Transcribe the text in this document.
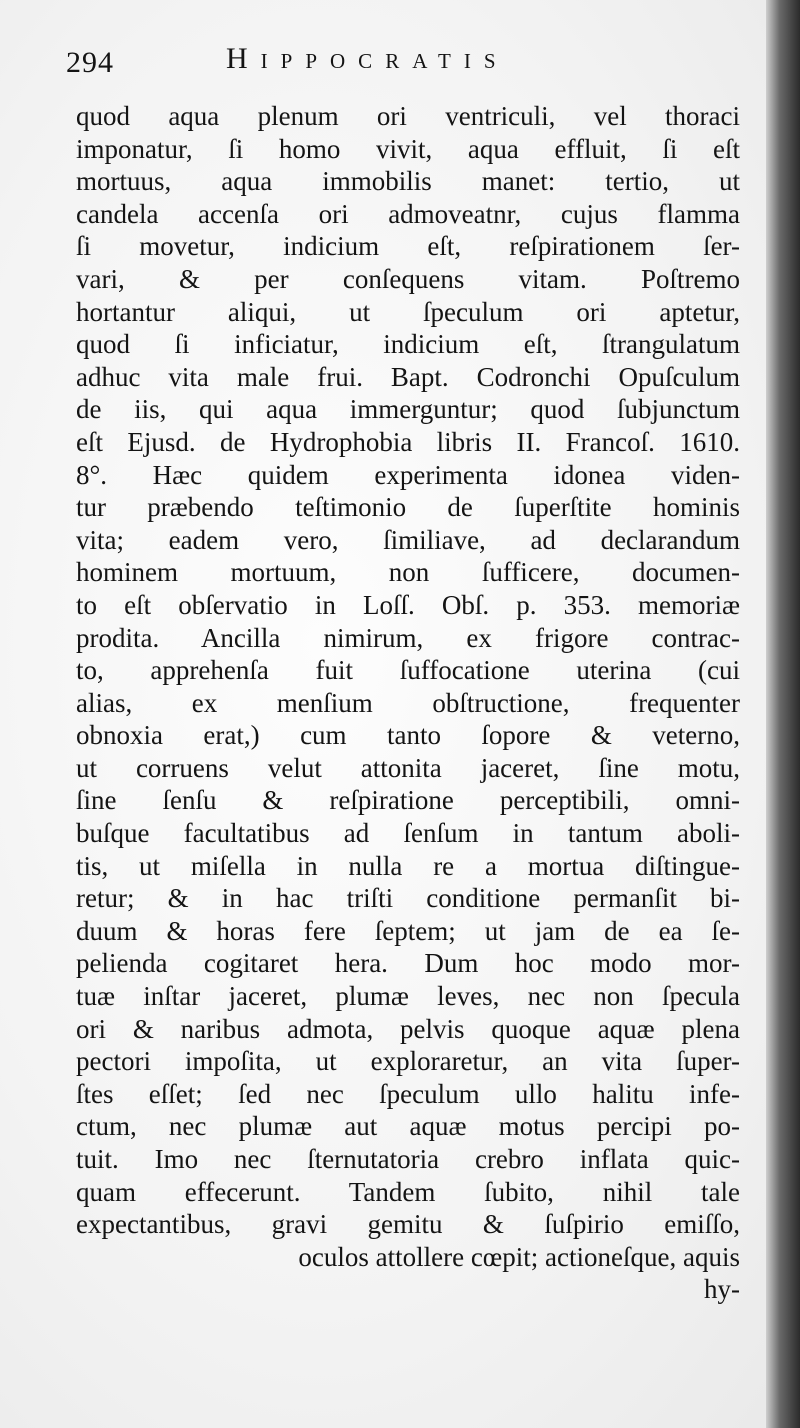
294	Hippocratis
quod aqua plenum ori ventriculi, vel thoraci
imponatur, ſi homo vivit, aqua effluit, ſi eſt
mortuus, aqua immobilis manet: tertio, ut
candela accenſa ori admoveatnr, cujus flamma
ſi movetur, indicium eſt, reſpirationem ſer-
vari, & per conſequens vitam. Poſtremo
hortantur aliqui, ut ſpeculum ori aptetur,
quod ſi inficiatur, indicium eſt, ſtrangulatum
adhuc vita male frui. Bapt. Codronchi Opuſculum
de iis, qui aqua immerguntur; quod ſubjunctum
eſt Ejusd. de Hydrophobia libris II. Francoſ. 1610.
8°. Hæc quidem experimenta idonea viden-
tur præbendo teſtimonio de ſuperſtite hominis
vita; eadem vero, ſimiliave, ad declarandum
hominem mortuum, non ſufficere, documen-
to eſt obſervatio in Loſſ. Obſ. p. 353. memoriæ
prodita. Ancilla nimirum, ex frigore contrac-
to, apprehenſa fuit ſuffocatione uterina (cui
alias, ex menſium obſtructione, frequenter
obnoxia erat,) cum tanto ſopore & veterno,
ut corruens velut attonita jaceret, ſine motu,
ſine ſenſu & reſpiratione perceptibili, omni-
buſque facultatibus ad ſenſum in tantum aboli-
tis, ut miſella in nulla re a mortua diſtingue-
retur; & in hac triſti conditione permanſit bi-
duum & horas fere ſeptem; ut jam de ea ſe-
pelienda cogitaret hera. Dum hoc modo mor-
tuæ inſtar jaceret, plumæ leves, nec non ſpecula
ori & naribus admota, pelvis quoque aquæ plena
pectori impoſita, ut exploraretur, an vita ſuper-
ſtes eſſet; ſed nec ſpeculum ullo halitu infe-
ctum, nec plumæ aut aquæ motus percipi po-
tuit. Imo nec ſternutatoria crebro inflata quic-
quam effecerunt. Tandem ſubito, nihil tale
expectantibus, gravi gemitu & ſuſpirio emiſſo,
oculos attollere cœpit; actioneſque, aquis
hy-
